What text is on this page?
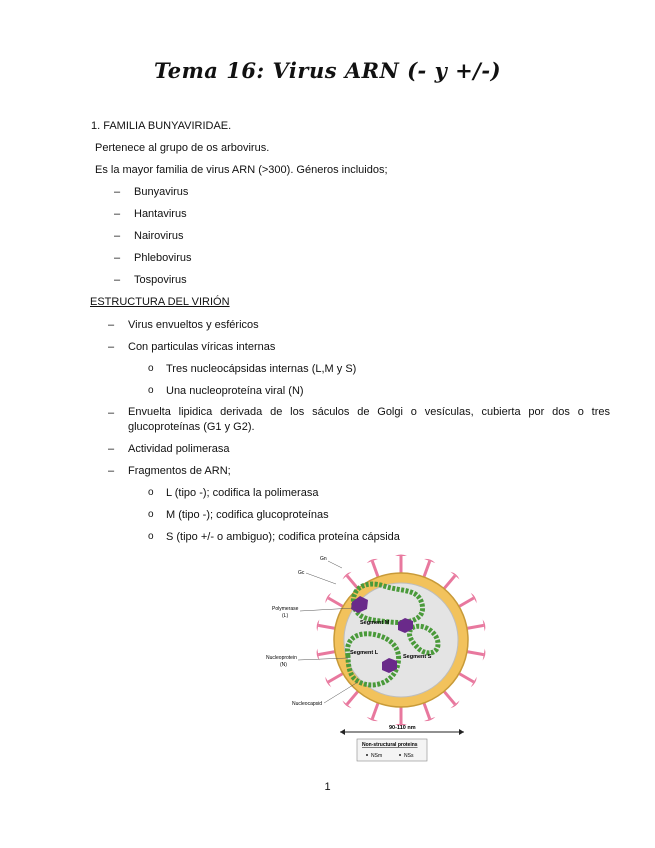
Tema 16: Virus ARN (- y +/-)
1. FAMILIA BUNYAVIRIDAE.
Pertenece al grupo de os arbovirus.
Es la mayor familia de virus ARN (>300). Géneros incluidos;
– Bunyavirus
– Hantavirus
– Nairovirus
– Phlebovirus
– Tospovirus
ESTRUCTURA DEL VIRIÓN
– Virus envueltos y esféricos
– Con particulas víricas internas
o Tres nucleocápsidas internas (L,M y S)
o Una nucleoproteína viral (N)
– Envuelta lipidica derivada de los sáculos de Golgi o vesículas, cubierta por dos o tres glucoproteínas (G1 y G2).
– Actividad polimerasa
– Fragmentos de ARN;
o L (tipo -); codifica la polimerasa
o M (tipo -); codifica glucoproteínas
o S (tipo +/- o ambiguo); codifica proteína cápsida
Segment M
Segment L
Segment S
Gn
Gc
Polymerase
(L)
Nucleoprotein
(N)
Nucleocapsid
90-110 nm
Non-structural proteins
NSm	NSs
1
